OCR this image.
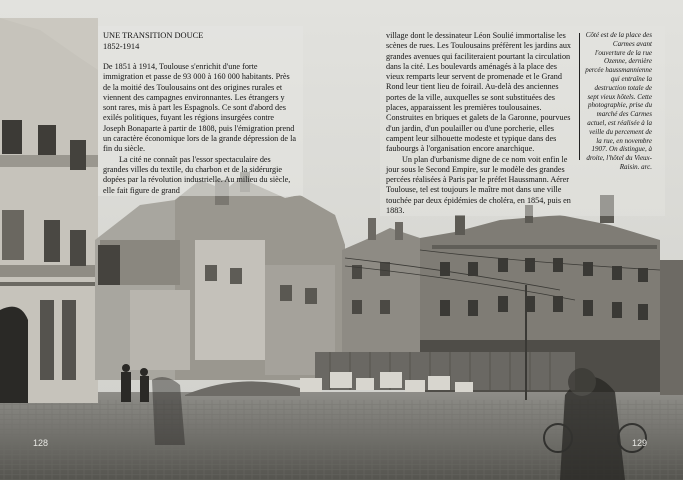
UNE TRANSITION DOUCE
1852-1914

De 1851 à 1914, Toulouse s'enrichit d'une forte immigration et passe de 93 000 à 160 000 habitants. Près de la moitié des Toulousains ont des origines rurales et viennent des campagnes environnantes. Les étrangers y sont rares, mis à part les Espagnols. Ce sont d'abord des exilés politiques, fuyant les régions insurgées contre Joseph Bonaparte à partir de 1808, puis l'émigration prend un caractère économique lors de la grande dépression de la fin du siècle.

La cité ne connaît pas l'essor spectaculaire des grandes villes du textile, du charbon et de la sidérurgie dopées par la révolution industrielle. Au milieu du siècle, elle fait figure de grand

village dont le dessinateur Léon Soulié immortalise les scènes de rues. Les Toulousains préfèrent les jardins aux grandes avenues qui faciliteraient pourtant la circulation dans la cité. Les boulevards aménagés à la place des vieux remparts leur servent de promenade et le Grand Rond leur tient lieu de foirail. Au-delà des anciennes portes de la ville, auxquelles se sont substituées des places, apparaissent les premières toulousaines. Construites en briques et galets de la Garonne, pourvues d'un jardin, d'un poulailler ou d'une porcherie, elles campent leur silhouette modeste et typique dans des faubourgs à l'organisation encore anarchique.

Un plan d'urbanisme digne de ce nom voit enfin le jour sous le Second Empire, sur le modèle des grandes percées réalisées à Paris par le préfet Haussmann. Aérer Toulouse, tel est toujours le maître mot dans une ville touchée par deux épidémies de choléra, en 1854, puis en 1883.

Côté est de la place des Carmes avant l'ouverture de la rue Ozenne, dernière percée haussmannienne qui entraîne la destruction totale de sept vieux hôtels. Cette photographie, prise du marché des Carmes actuel, est réalisée à la veille du percement de la rue, en novembre 1907. On distingue, à droite, l'hôtel du Vieux-Raisin. arc.
128	129
